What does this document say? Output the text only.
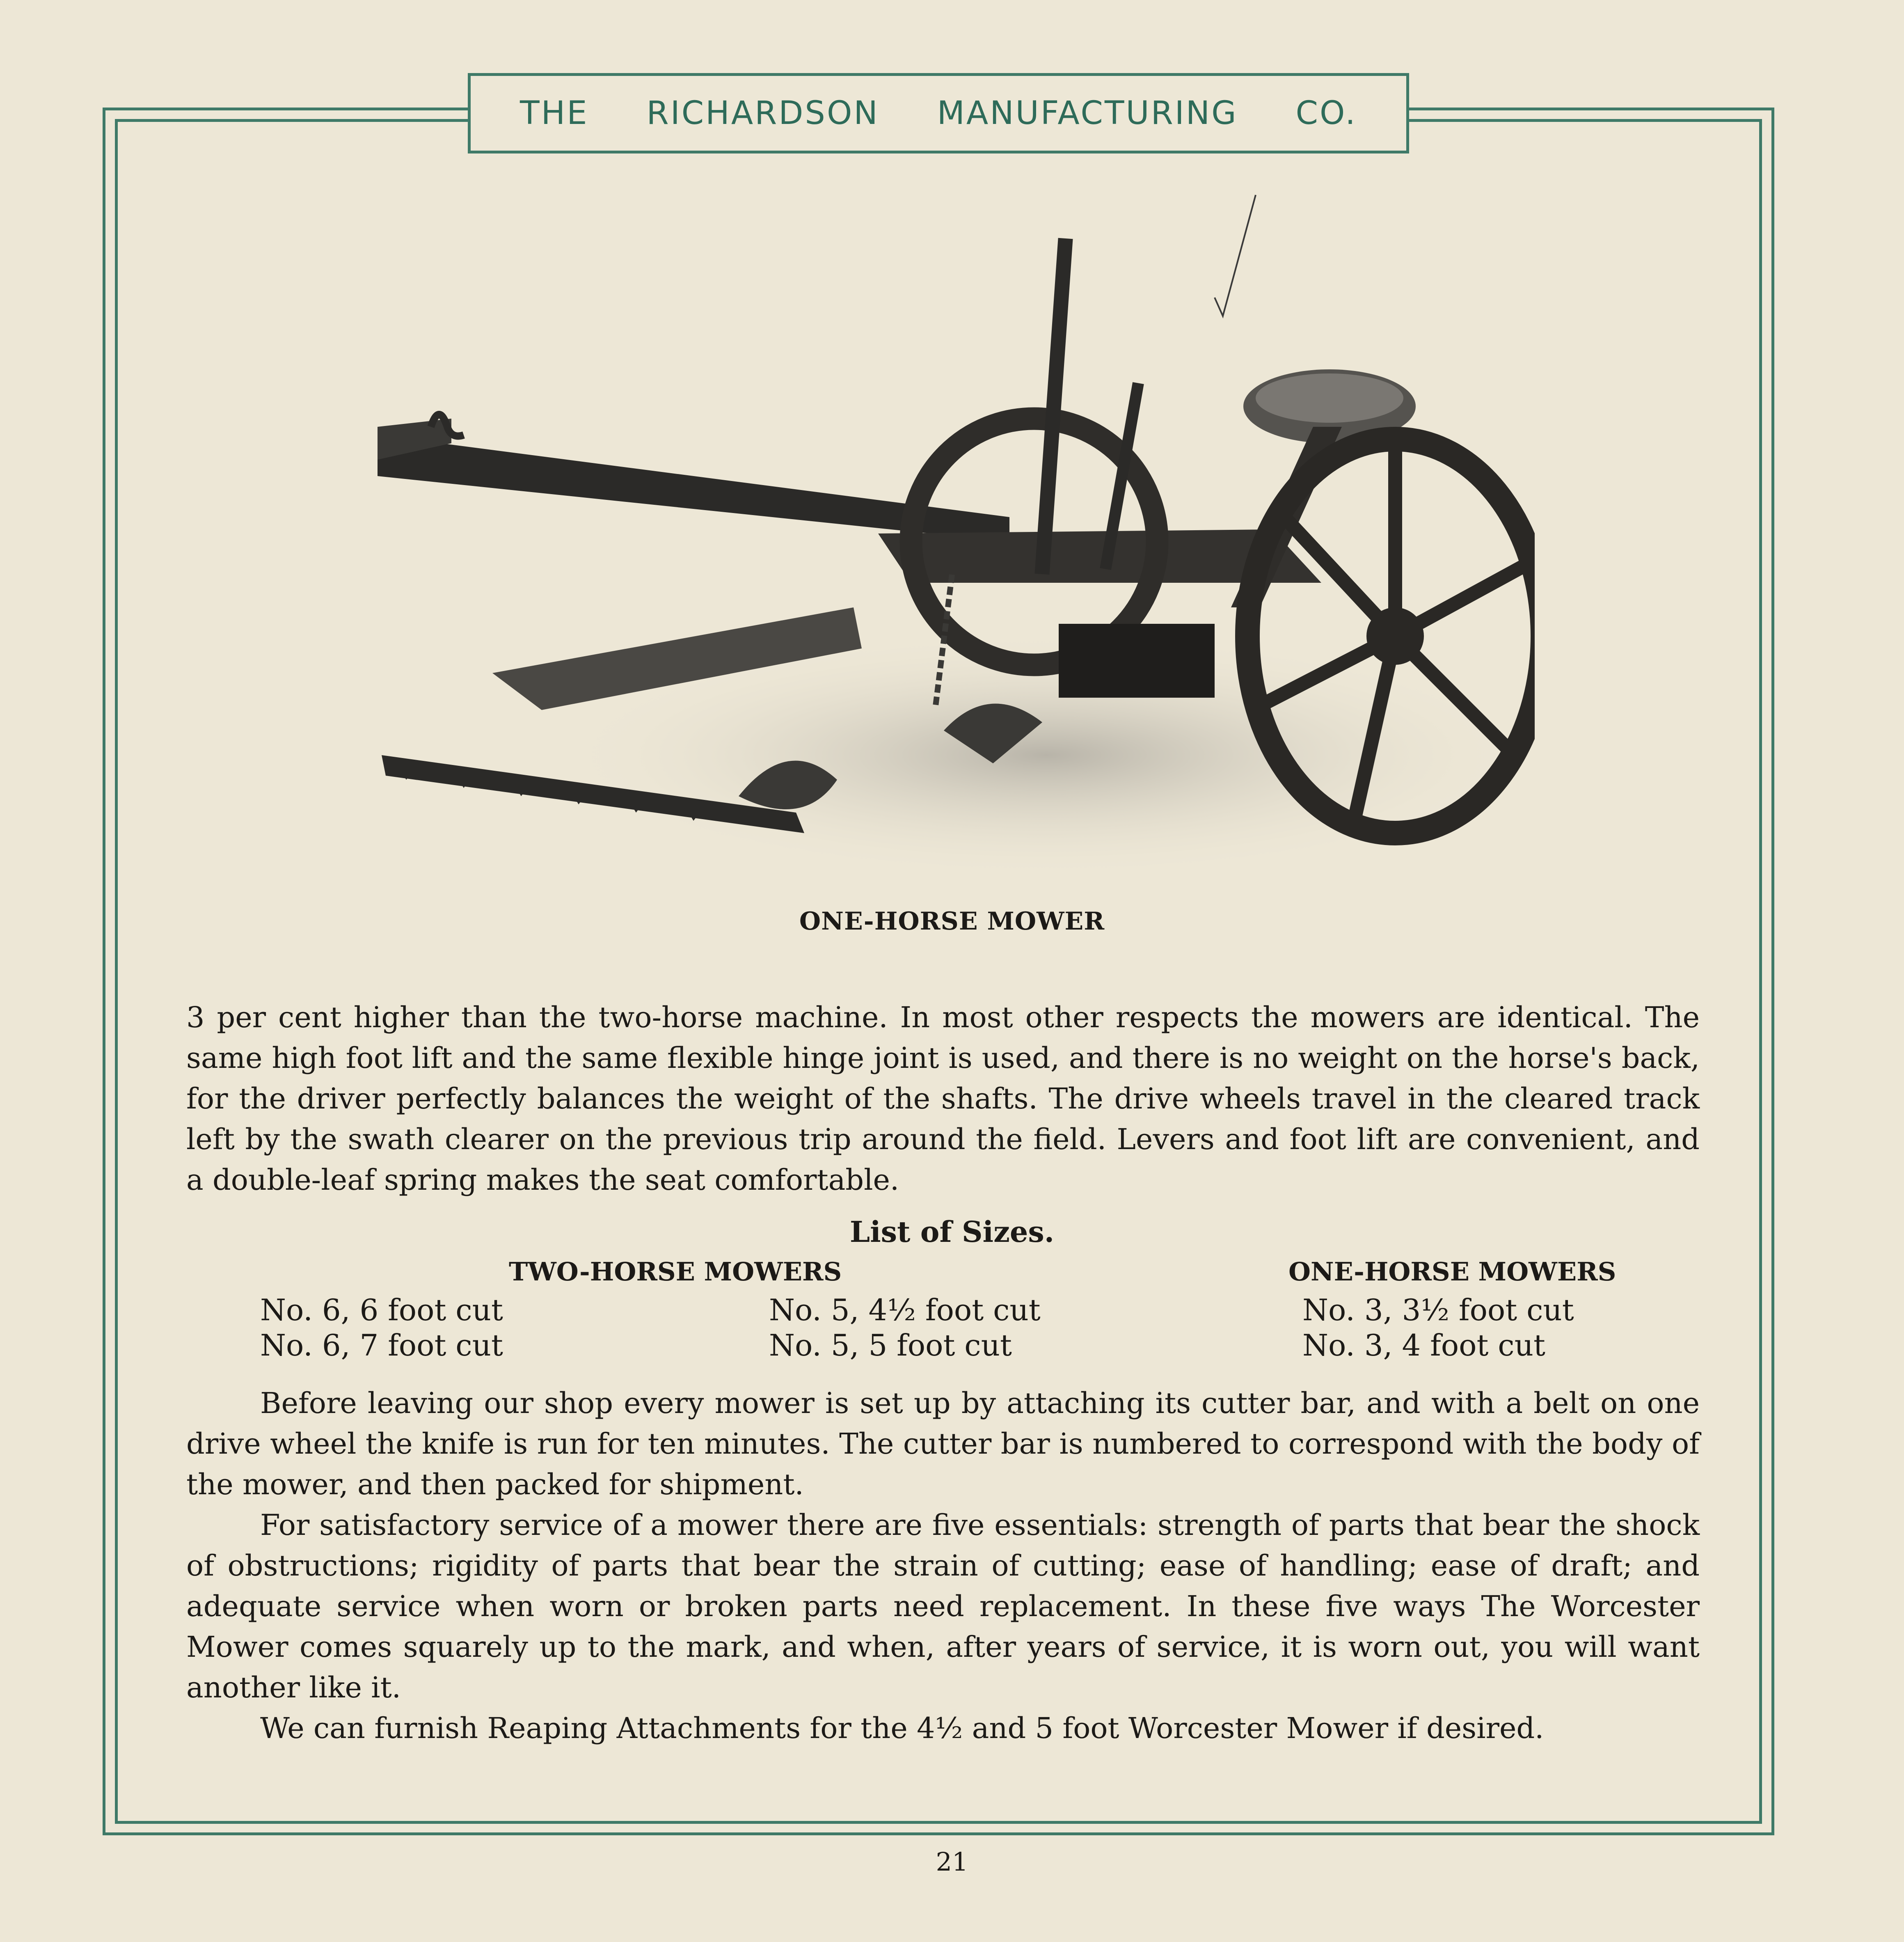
THE RICHARDSON MANUFACTURING CO.
ONE-HORSE MOWER

3 per cent higher than the two-horse machine. In most other respects the mowers are identical. The same high foot lift and the same flexible hinge joint is used, and there is no weight on the horse's back, for the driver perfectly balances the weight of the shafts. The drive wheels travel in the cleared track left by the swath clearer on the previous trip around the field. Levers and foot lift are convenient, and a double-leaf spring makes the seat comfortable.

List of Sizes.
TWO-HORSE MOWERS	ONE-HORSE MOWERS
No. 6, 6 foot cut
No. 6, 7 foot cut
No. 5, 4½ foot cut
No. 5, 5 foot cut
No. 3, 3½ foot cut
No. 3, 4 foot cut

Before leaving our shop every mower is set up by attaching its cutter bar, and with a belt on one drive wheel the knife is run for ten minutes. The cutter bar is numbered to correspond with the body of the mower, and then packed for shipment.

For satisfactory service of a mower there are five essentials: strength of parts that bear the shock of obstructions; rigidity of parts that bear the strain of cutting; ease of handling; ease of draft; and adequate service when worn or broken parts need replacement. In these five ways The Worcester Mower comes squarely up to the mark, and when, after years of service, it is worn out, you will want another like it.

We can furnish Reaping Attachments for the 4½ and 5 foot Worcester Mower if desired.

21
